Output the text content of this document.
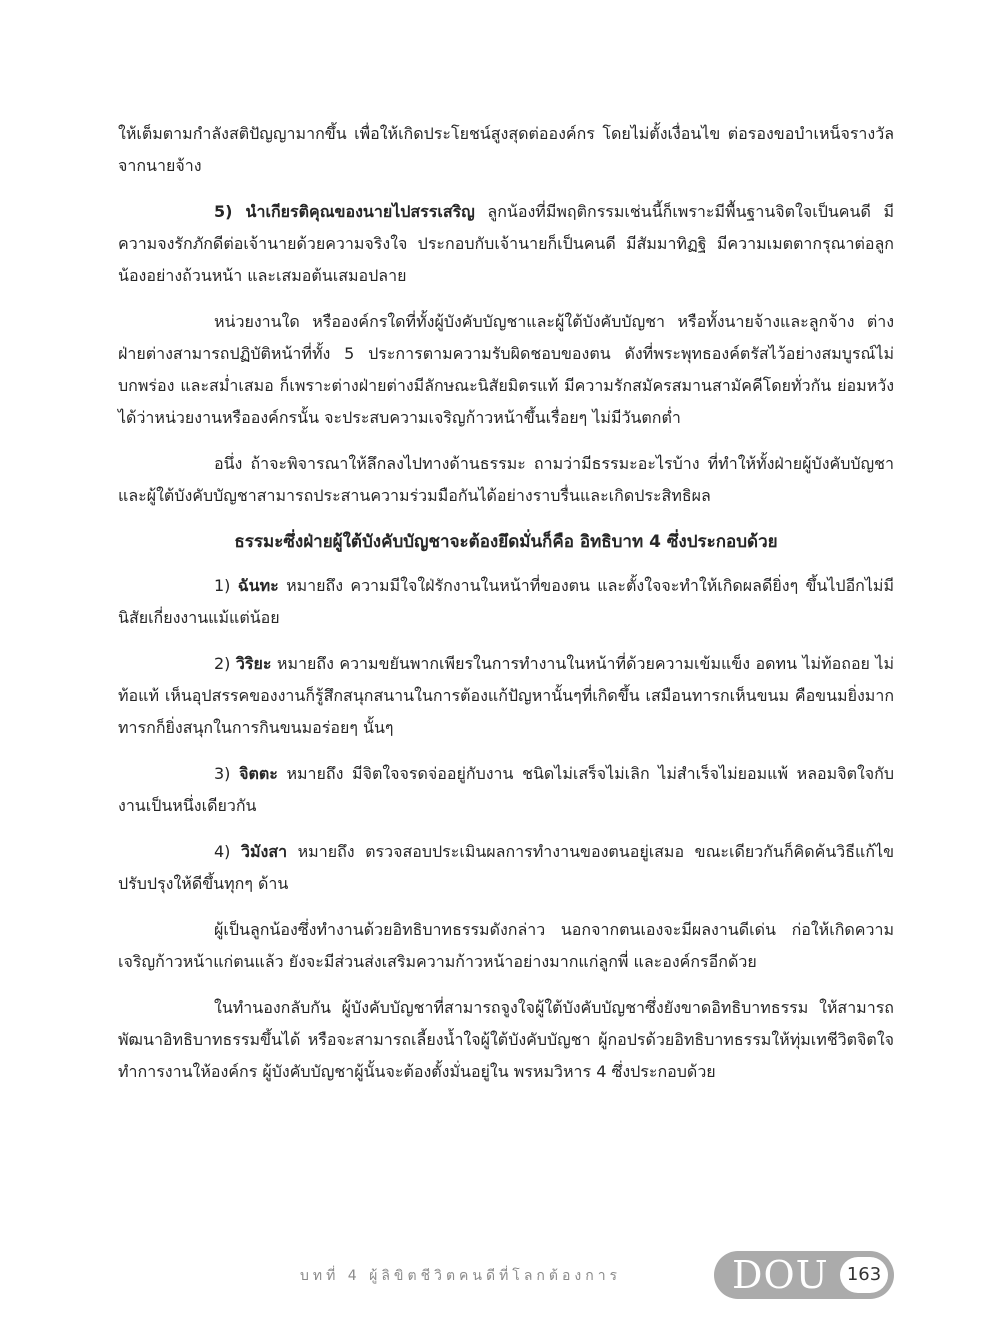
ให้เต็มตามกำลังสติปัญญามากขึ้น เพื่อให้เกิดประโยชน์สูงสุดต่อองค์กร โดยไม่ตั้งเงื่อนไข ต่อรองขอบำเหน็จรางวัลจากนายจ้าง

5) นำเกียรติคุณของนายไปสรรเสริญ ลูกน้องที่มีพฤติกรรมเช่นนี้ก็เพราะมีพื้นฐานจิตใจเป็นคนดี มีความจงรักภักดีต่อเจ้านายด้วยความจริงใจ ประกอบกับเจ้านายก็เป็นคนดี มีสัมมาทิฏฐิ มีความเมตตากรุณาต่อลูกน้องอย่างถ้วนหน้า และเสมอต้นเสมอปลาย

หน่วยงานใด หรือองค์กรใดที่ทั้งผู้บังคับบัญชาและผู้ใต้บังคับบัญชา หรือทั้งนายจ้างและลูกจ้าง ต่างฝ่ายต่างสามารถปฏิบัติหน้าที่ทั้ง 5 ประการตามความรับผิดชอบของตน ดังที่พระพุทธองค์ตรัสไว้อย่างสมบูรณ์ไม่บกพร่อง และสม่ำเสมอ ก็เพราะต่างฝ่ายต่างมีลักษณะนิสัยมิตรแท้ มีความรักสมัครสมานสามัคคีโดยทั่วกัน ย่อมหวังได้ว่าหน่วยงานหรือองค์กรนั้น จะประสบความเจริญก้าวหน้าขึ้นเรื่อยๆ ไม่มีวันตกต่ำ

อนึ่ง ถ้าจะพิจารณาให้ลึกลงไปทางด้านธรรมะ ถามว่ามีธรรมะอะไรบ้าง ที่ทำให้ทั้งฝ่ายผู้บังคับบัญชา และผู้ใต้บังคับบัญชาสามารถประสานความร่วมมือกันได้อย่างราบรื่นและเกิดประสิทธิผล

ธรรมะซึ่งฝ่ายผู้ใต้บังคับบัญชาจะต้องยึดมั่นก็คือ อิทธิบาท 4 ซึ่งประกอบด้วย

1) ฉันทะ หมายถึง ความมีใจใฝ่รักงานในหน้าที่ของตน และตั้งใจจะทำให้เกิดผลดียิ่งๆ ขึ้นไปอีกไม่มีนิสัยเกี่ยงงานแม้แต่น้อย

2) วิริยะ หมายถึง ความขยันพากเพียรในการทำงานในหน้าที่ด้วยความเข้มแข็ง อดทน ไม่ท้อถอย ไม่ท้อแท้ เห็นอุปสรรคของงานก็รู้สึกสนุกสนานในการต้องแก้ปัญหานั้นๆที่เกิดขึ้น เสมือนทารกเห็นขนม คือขนมยิ่งมากทารกก็ยิ่งสนุกในการกินขนมอร่อยๆ นั้นๆ

3) จิตตะ หมายถึง มีจิตใจจรดจ่ออยู่กับงาน ชนิดไม่เสร็จไม่เลิก ไม่สำเร็จไม่ยอมแพ้ หลอมจิตใจกับงานเป็นหนึ่งเดียวกัน

4) วิมังสา หมายถึง ตรวจสอบประเมินผลการทำงานของตนอยู่เสมอ ขณะเดียวกันก็คิดค้นวิธีแก้ไขปรับปรุงให้ดีขึ้นทุกๆ ด้าน

ผู้เป็นลูกน้องซึ่งทำงานด้วยอิทธิบาทธรรมดังกล่าว นอกจากตนเองจะมีผลงานดีเด่น ก่อให้เกิดความเจริญก้าวหน้าแก่ตนแล้ว ยังจะมีส่วนส่งเสริมความก้าวหน้าอย่างมากแก่ลูกพี่ และองค์กรอีกด้วย

ในทำนองกลับกัน ผู้บังคับบัญชาที่สามารถจูงใจผู้ใต้บังคับบัญชาซึ่งยังขาดอิทธิบาทธรรม ให้สามารถพัฒนาอิทธิบาทธรรมขึ้นได้ หรือจะสามารถเลี้ยงน้ำใจผู้ใต้บังคับบัญชา ผู้กอปรด้วยอิทธิบาทธรรมให้ทุ่มเทชีวิตจิตใจทำการงานให้องค์กร ผู้บังคับบัญชาผู้นั้นจะต้องตั้งมั่นอยู่ใน พรหมวิหาร 4 ซึ่งประกอบด้วย

บทที่ 4 ผู้ลิขิตชีวิตคนดีที่โลกต้องการ	DOU	163
